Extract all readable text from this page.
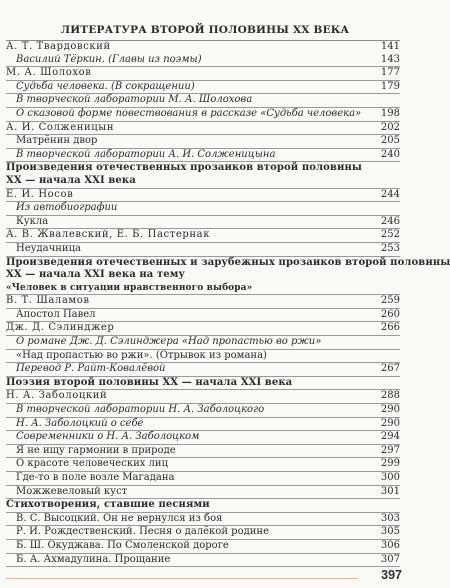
ЛИТЕРАТУРА ВТОРОЙ ПОЛОВИНЫ XX ВЕКА
А. Т. Твардовский	141
Василий Тёркин. (Главы из поэмы)	143
М. А. Шолохов	177
Судьба человека. (В сокращении)	179
В творческой лаборатории М. А. Шолохова
О сказовой форме повествования в рассказе «Судьба человека»	198
А. И. Солженицын	202
Матрёнин двор	205
В творческой лаборатории А. И. Солженицына	240
Произведения отечественных прозаиков второй половины
XX — начала XXI века
Е. И. Носов	244
Из автобиографии
Кукла	246
А. В. Жвалевский, Е. Б. Пастернак	252
Неудачница	253
Произведения отечественных и зарубежных прозаиков второй половины
XX — начала XXI века на тему
«Человек в ситуации нравственного выбора»
В. Т. Шаламов	259
Апостол Павел	260
Дж. Д. Сэлинджер	266
О романе Дж. Д. Сэлинджера «Над пропастью во ржи»
«Над пропастью во ржи». (Отрывок из романа)
Перевод Р. Райт-Ковалёвой	267
Поэзия второй половины XX — начала XXI века
Н. А. Заболоцкий	288
В творческой лаборатории Н. А. Заболоцкого	290
Н. А. Заболоцкий о себе	290
Современники о Н. А. Заболоцком	294
Я не ищу гармонии в природе	297
О красоте человеческих лиц	299
Где-то в поле возле Магадана	300
Можжевеловый куст	301
Стихотворения, ставшие песнями
В. С. Высоцкий. Он не вернулся из боя	303
Р. И. Рождественский. Песня о далёкой родине	305
Б. Ш. Окуджава. По Смоленской дороге	306
Б. А. Ахмадулина. Прощание	307
397
